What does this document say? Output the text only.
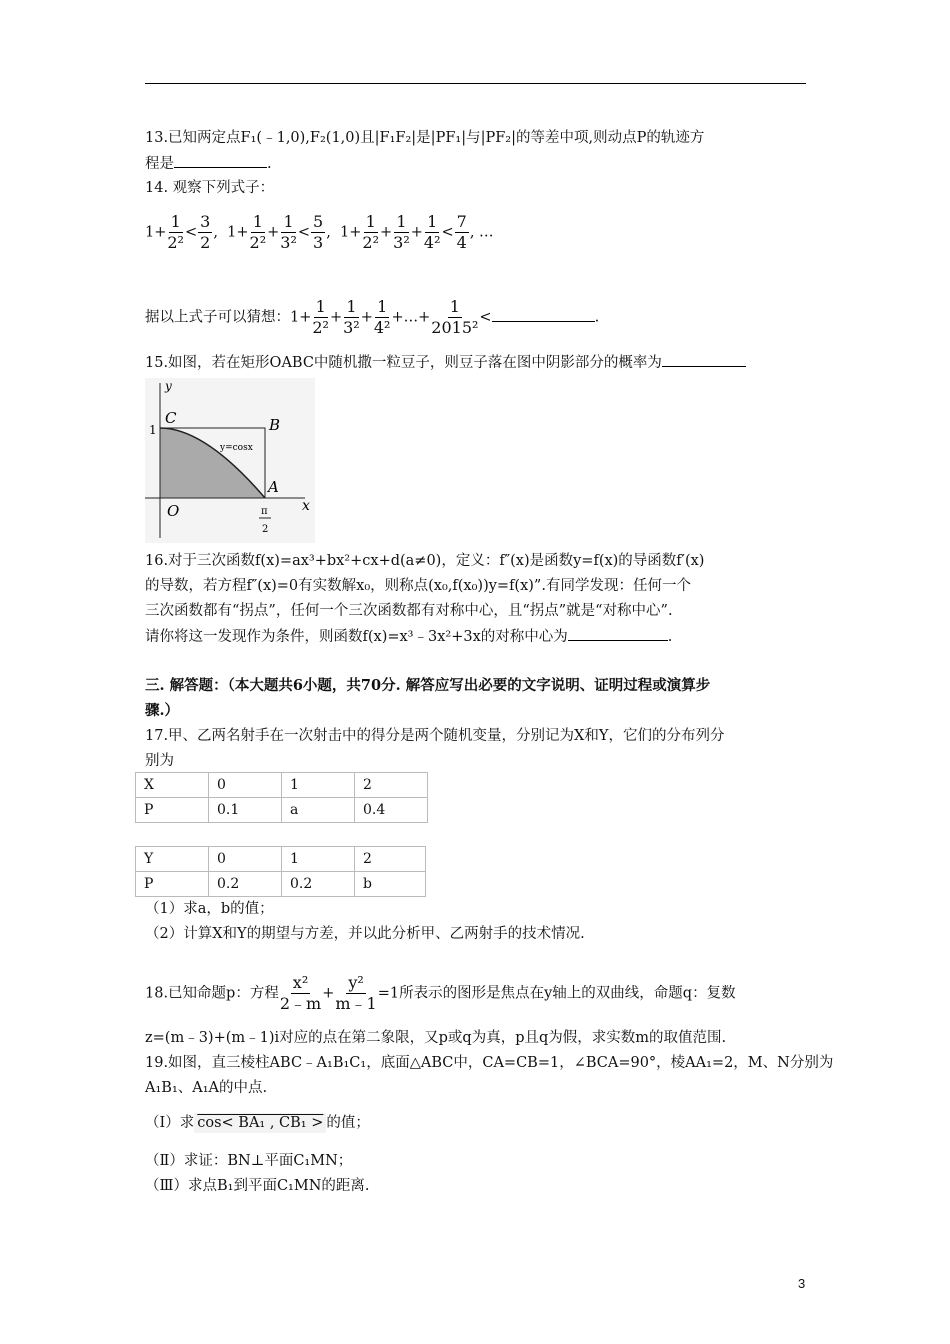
13.已知两定点F₁(﹣1,0),F₂(1,0)且|F₁F₂|是|PF₁|与|PF₂|的等差中项,则动点P的轨迹方
程是	.
14. 观察下列式子：
$1+ \frac{1}{\text{2²}} < \frac{3}{2}$ , $1+ \frac{1}{\text{2²}} + \frac{1}{\text{3²}} < \frac{5}{3}$ , $1+ \frac{1}{\text{2²}} + \frac{1}{\text{3²}} + \frac{1}{\text{4²}} < \frac{7}{4}$ , …
据以上式子可以猜想：$1+ \frac{1}{\text{2²}} + \frac{1}{\text{3²}} + \frac{1}{\text{4²}}$ +…+ $\frac{1}{\text{2015²}}$ <	.
15.如图，若在矩形OABC中随机撒一粒豆子，则豆子落在图中阴影部分的概率为
y
x
C	B
A
O
1
y=cosx
π
2
16.对于三次函数f(x)=ax³+bx²+cx+d(a≠0)，定义：f″(x)是函数y=f(x)的导函数f′(x)
的导数，若方程f″(x)=0有实数解x₀，则称点(x₀,f(x₀))y=f(x)”.有同学发现：任何一个
三次函数都有“拐点”，任何一个三次函数都有对称中心，且“拐点”就是“对称中心”.
请你将这一发现作为条件，则函数f(x)=x³﹣3x²+3x的对称中心为	.
三. 解答题：（本大题共6小题，共70分. 解答应写出必要的文字说明、证明过程或演算步
骤.）
17.甲、乙两名射手在一次射击中的得分是两个随机变量，分别记为X和Y，它们的分布列分
别为
X	0	1	2
P	0.1	a	0.4
Y	0	1	2
P	0.2	0.2	b
（1）求a，b的值；
（2）计算X和Y的期望与方差，并以此分析甲、乙两射手的技术情况.
18.已知命题p：方程 $\frac{\text{x²}}{2﹣m} + \frac{\text{y²}}{m﹣1} =1$所表示的图形是焦点在y轴上的双曲线，命题q：复数
z=(m﹣3)+(m﹣1)i对应的点在第二象限，又p或q为真，p且q为假，求实数m的取值范围.
19.如图，直三棱柱ABC﹣A₁B₁C₁，底面△ABC中，CA=CB=1，∠BCA=90°，棱AA₁=2，M、N分别为
A₁B₁、A₁A的中点.
（Ⅰ）求 cos< BA₁ , CB₁ > 的值；
（Ⅱ）求证：BN⊥平面C₁MN；
（Ⅲ）求点B₁到平面C₁MN的距离.
3
